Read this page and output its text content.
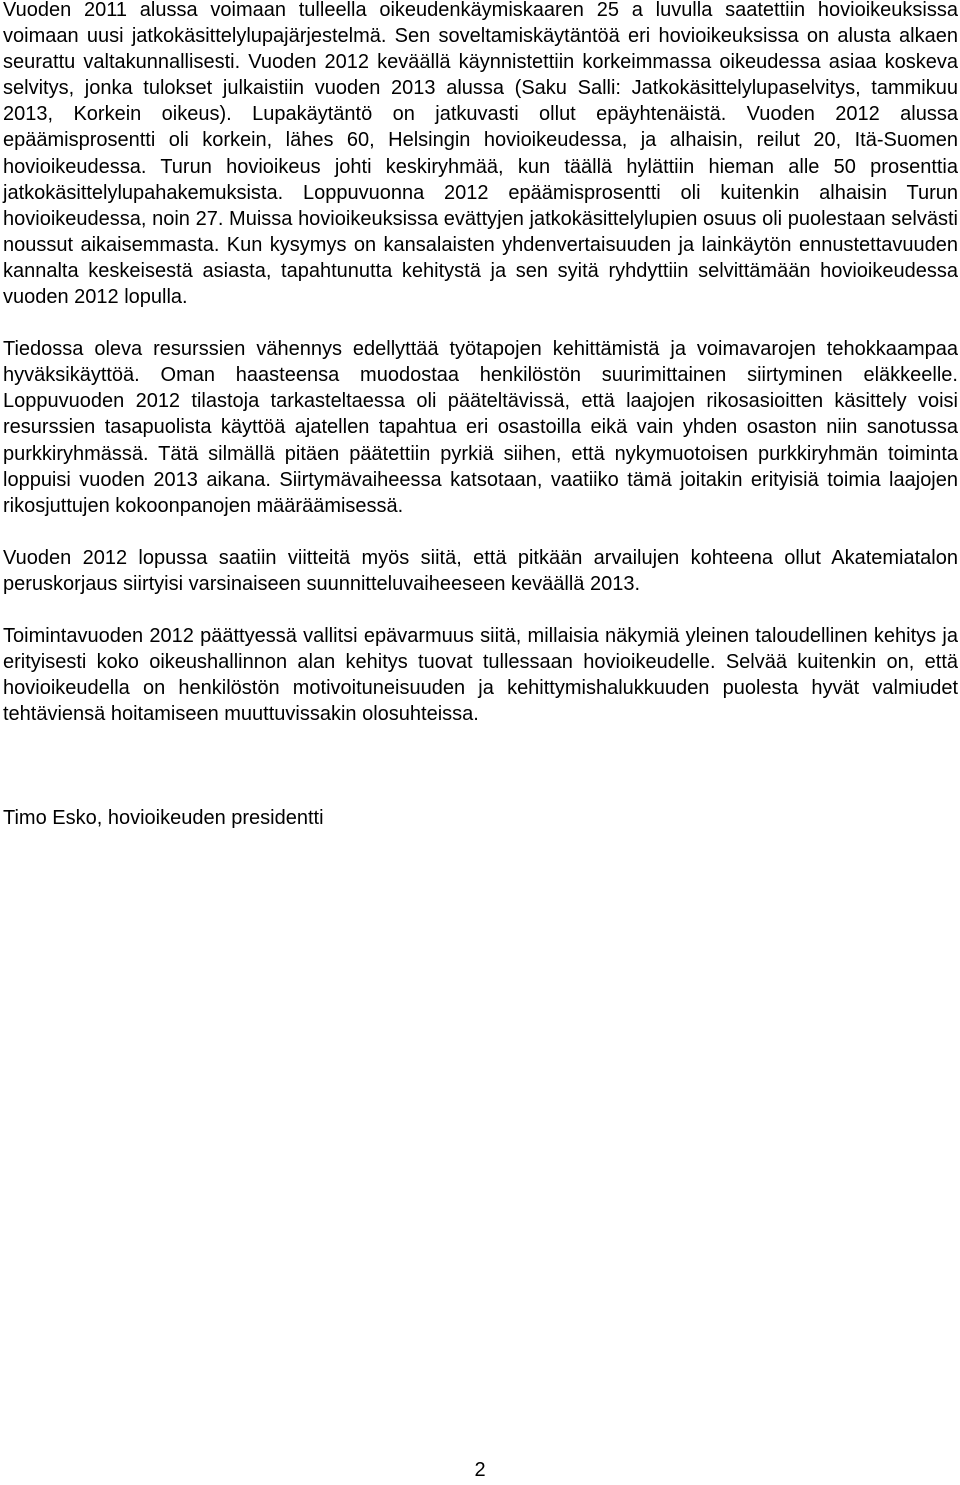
Vuoden 2011 alussa voimaan tulleella oikeudenkäymiskaaren 25 a luvulla saatettiin hovioikeuksissa voimaan uusi jatkokäsittelylupajärjestelmä. Sen soveltamiskäytäntöä eri hovioikeuksissa on alusta alkaen seurattu valtakunnallisesti. Vuoden 2012 keväällä käynnistettiin korkeimmassa oikeudessa asiaa koskeva selvitys, jonka tulokset julkaistiin vuoden 2013 alussa (Saku Salli: Jatkokäsittelylupaselvitys, tammikuu 2013, Korkein oikeus). Lupakäytäntö on jatkuvasti ollut epäyhtenäistä. Vuoden 2012 alussa epäämisprosentti oli korkein, lähes 60, Helsingin hovioikeudessa, ja alhaisin, reilut 20, Itä-Suomen hovioikeudessa. Turun hovioikeus johti keskiryhmää, kun täällä hylättiin hieman alle 50 prosenttia jatkokäsittelylupahakemuksista. Loppuvuonna 2012 epäämisprosentti oli kuitenkin alhaisin Turun hovioikeudessa, noin 27. Muissa hovioikeuksissa evättyjen jatkokäsittelylupien osuus oli puolestaan selvästi noussut aikaisemmasta. Kun kysymys on kansalaisten yhdenvertaisuuden ja lainkäytön ennustettavuuden kannalta keskeisestä asiasta, tapahtunutta kehitystä ja sen syitä ryhdyttiin selvittämään hovioikeudessa vuoden 2012 lopulla.

Tiedossa oleva resurssien vähennys edellyttää työtapojen kehittämistä ja voimavarojen tehokkaampaa hyväksikäyttöä. Oman haasteensa muodostaa henkilöstön suurimittainen siirtyminen eläkkeelle. Loppuvuoden 2012 tilastoja tarkasteltaessa oli pääteltävissä, että laajojen rikosasioitten käsittely voisi resurssien tasapuolista käyttöä ajatellen tapahtua eri osastoilla eikä vain yhden osaston niin sanotussa purkkiryhmässä. Tätä silmällä pitäen päätettiin pyrkiä siihen, että nykymuotoisen purkkiryhmän toiminta loppuisi vuoden 2013 aikana. Siirtymävaiheessa katsotaan, vaatiiko tämä joitakin erityisiä toimia laajojen rikosjuttujen kokoonpanojen määräämisessä.

Vuoden 2012 lopussa saatiin viitteitä myös siitä, että pitkään arvailujen kohteena ollut Akatemiatalon peruskorjaus siirtyisi varsinaiseen suunnitteluvaiheeseen keväällä 2013.

Toimintavuoden 2012 päättyessä vallitsi epävarmuus siitä, millaisia näkymiä yleinen taloudellinen kehitys ja erityisesti koko oikeushallinnon alan kehitys tuovat tullessaan hovioikeudelle. Selvää kuitenkin on, että hovioikeudella on henkilöstön motivoituneisuuden ja kehittymishalukkuuden puolesta hyvät valmiudet tehtäviensä hoitamiseen muuttuvissakin olosuhteissa.

Timo Esko, hovioikeuden presidentti

2
